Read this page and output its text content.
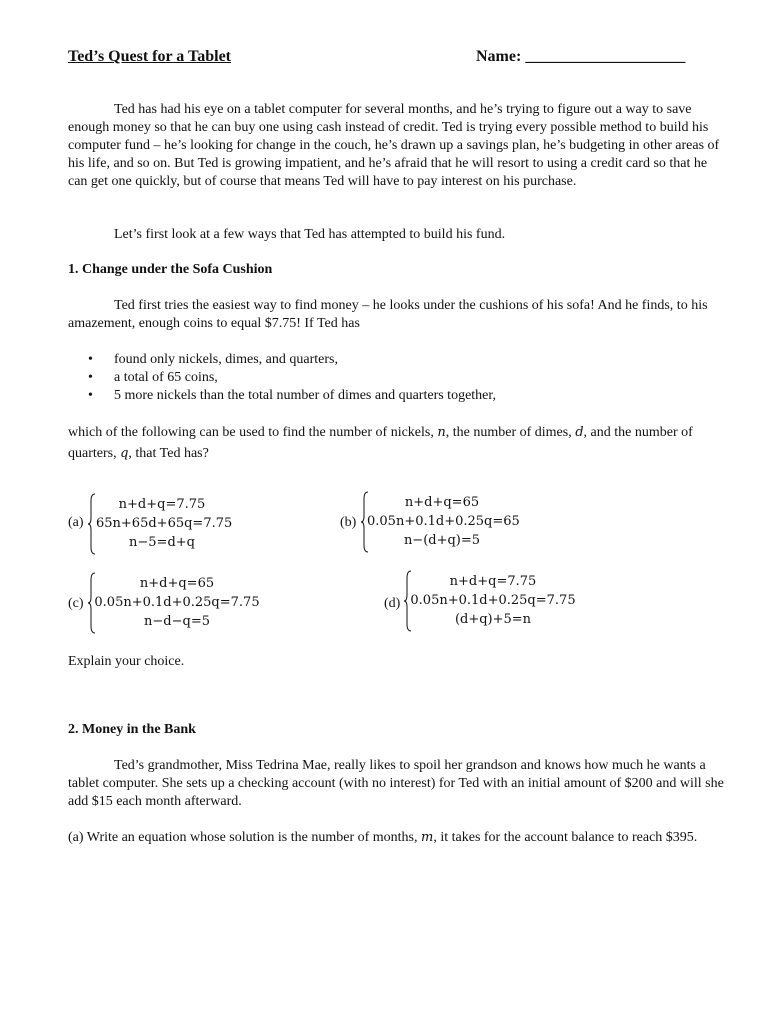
Ted’s Quest for a Tablet	Name: ____________________

Ted has had his eye on a tablet computer for several months, and he’s trying to figure out a way to save enough money so that he can buy one using cash instead of credit. Ted is trying every possible method to build his computer fund – he’s looking for change in the couch, he’s drawn up a savings plan, he’s budgeting in other areas of his life, and so on. But Ted is growing impatient, and he’s afraid that he will resort to using a credit card so that he can get one quickly, but of course that means Ted will have to pay interest on his purchase.

Let’s first look at a few ways that Ted has attempted to build his fund.

1. Change under the Sofa Cushion

Ted first tries the easiest way to find money – he looks under the cushions of his sofa! And he finds, to his amazement, enough coins to equal $7.75! If Ted has

• found only nickels, dimes, and quarters,
• a total of 65 coins,
• 5 more nickels than the total number of dimes and quarters together,

which of the following can be used to find the number of nickels, n, the number of dimes, d, and the number of quarters, q, that Ted has?

(a)
n+d+q=7.75
65n+65d+65q=7.75
n−5=d+q
(b)
n+d+q=65
0.05n+0.1d+0.25q=65
n−(d+q)=5
(c)
n+d+q=65
0.05n+0.1d+0.25q=7.75
n−d−q=5
(d)
n+d+q=7.75
0.05n+0.1d+0.25q=7.75
(d+q)+5=n

Explain your choice.

2. Money in the Bank

Ted’s grandmother, Miss Tedrina Mae, really likes to spoil her grandson and knows how much he wants a tablet computer. She sets up a checking account (with no interest) for Ted with an initial amount of $200 and will she add $15 each month afterward.

(a) Write an equation whose solution is the number of months, m, it takes for the account balance to reach $395.
